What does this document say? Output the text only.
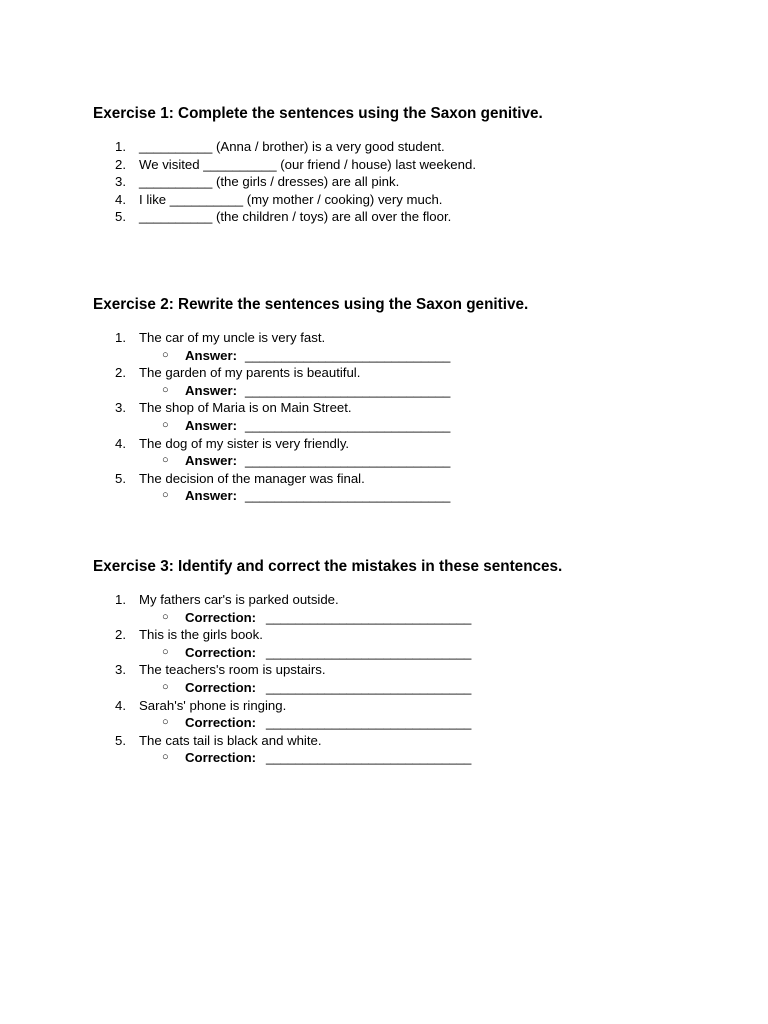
Exercise 1: Complete the sentences using the Saxon genitive.
1. __________ (Anna / brother) is a very good student.
2. We visited __________ (our friend / house) last weekend.
3. __________ (the girls / dresses) are all pink.
4. I like __________ (my mother / cooking) very much.
5. __________ (the children / toys) are all over the floor.
Exercise 2: Rewrite the sentences using the Saxon genitive.
1. The car of my uncle is very fast.
○ Answer: ____________________________
2. The garden of my parents is beautiful.
○ Answer: ____________________________
3. The shop of Maria is on Main Street.
○ Answer: ____________________________
4. The dog of my sister is very friendly.
○ Answer: ____________________________
5. The decision of the manager was final.
○ Answer: ____________________________
Exercise 3: Identify and correct the mistakes in these sentences.
1. My fathers car's is parked outside.
○ Correction: ____________________________
2. This is the girls book.
○ Correction: ____________________________
3. The teachers's room is upstairs.
○ Correction: ____________________________
4. Sarah's' phone is ringing.
○ Correction: ____________________________
5. The cats tail is black and white.
○ Correction: ____________________________
